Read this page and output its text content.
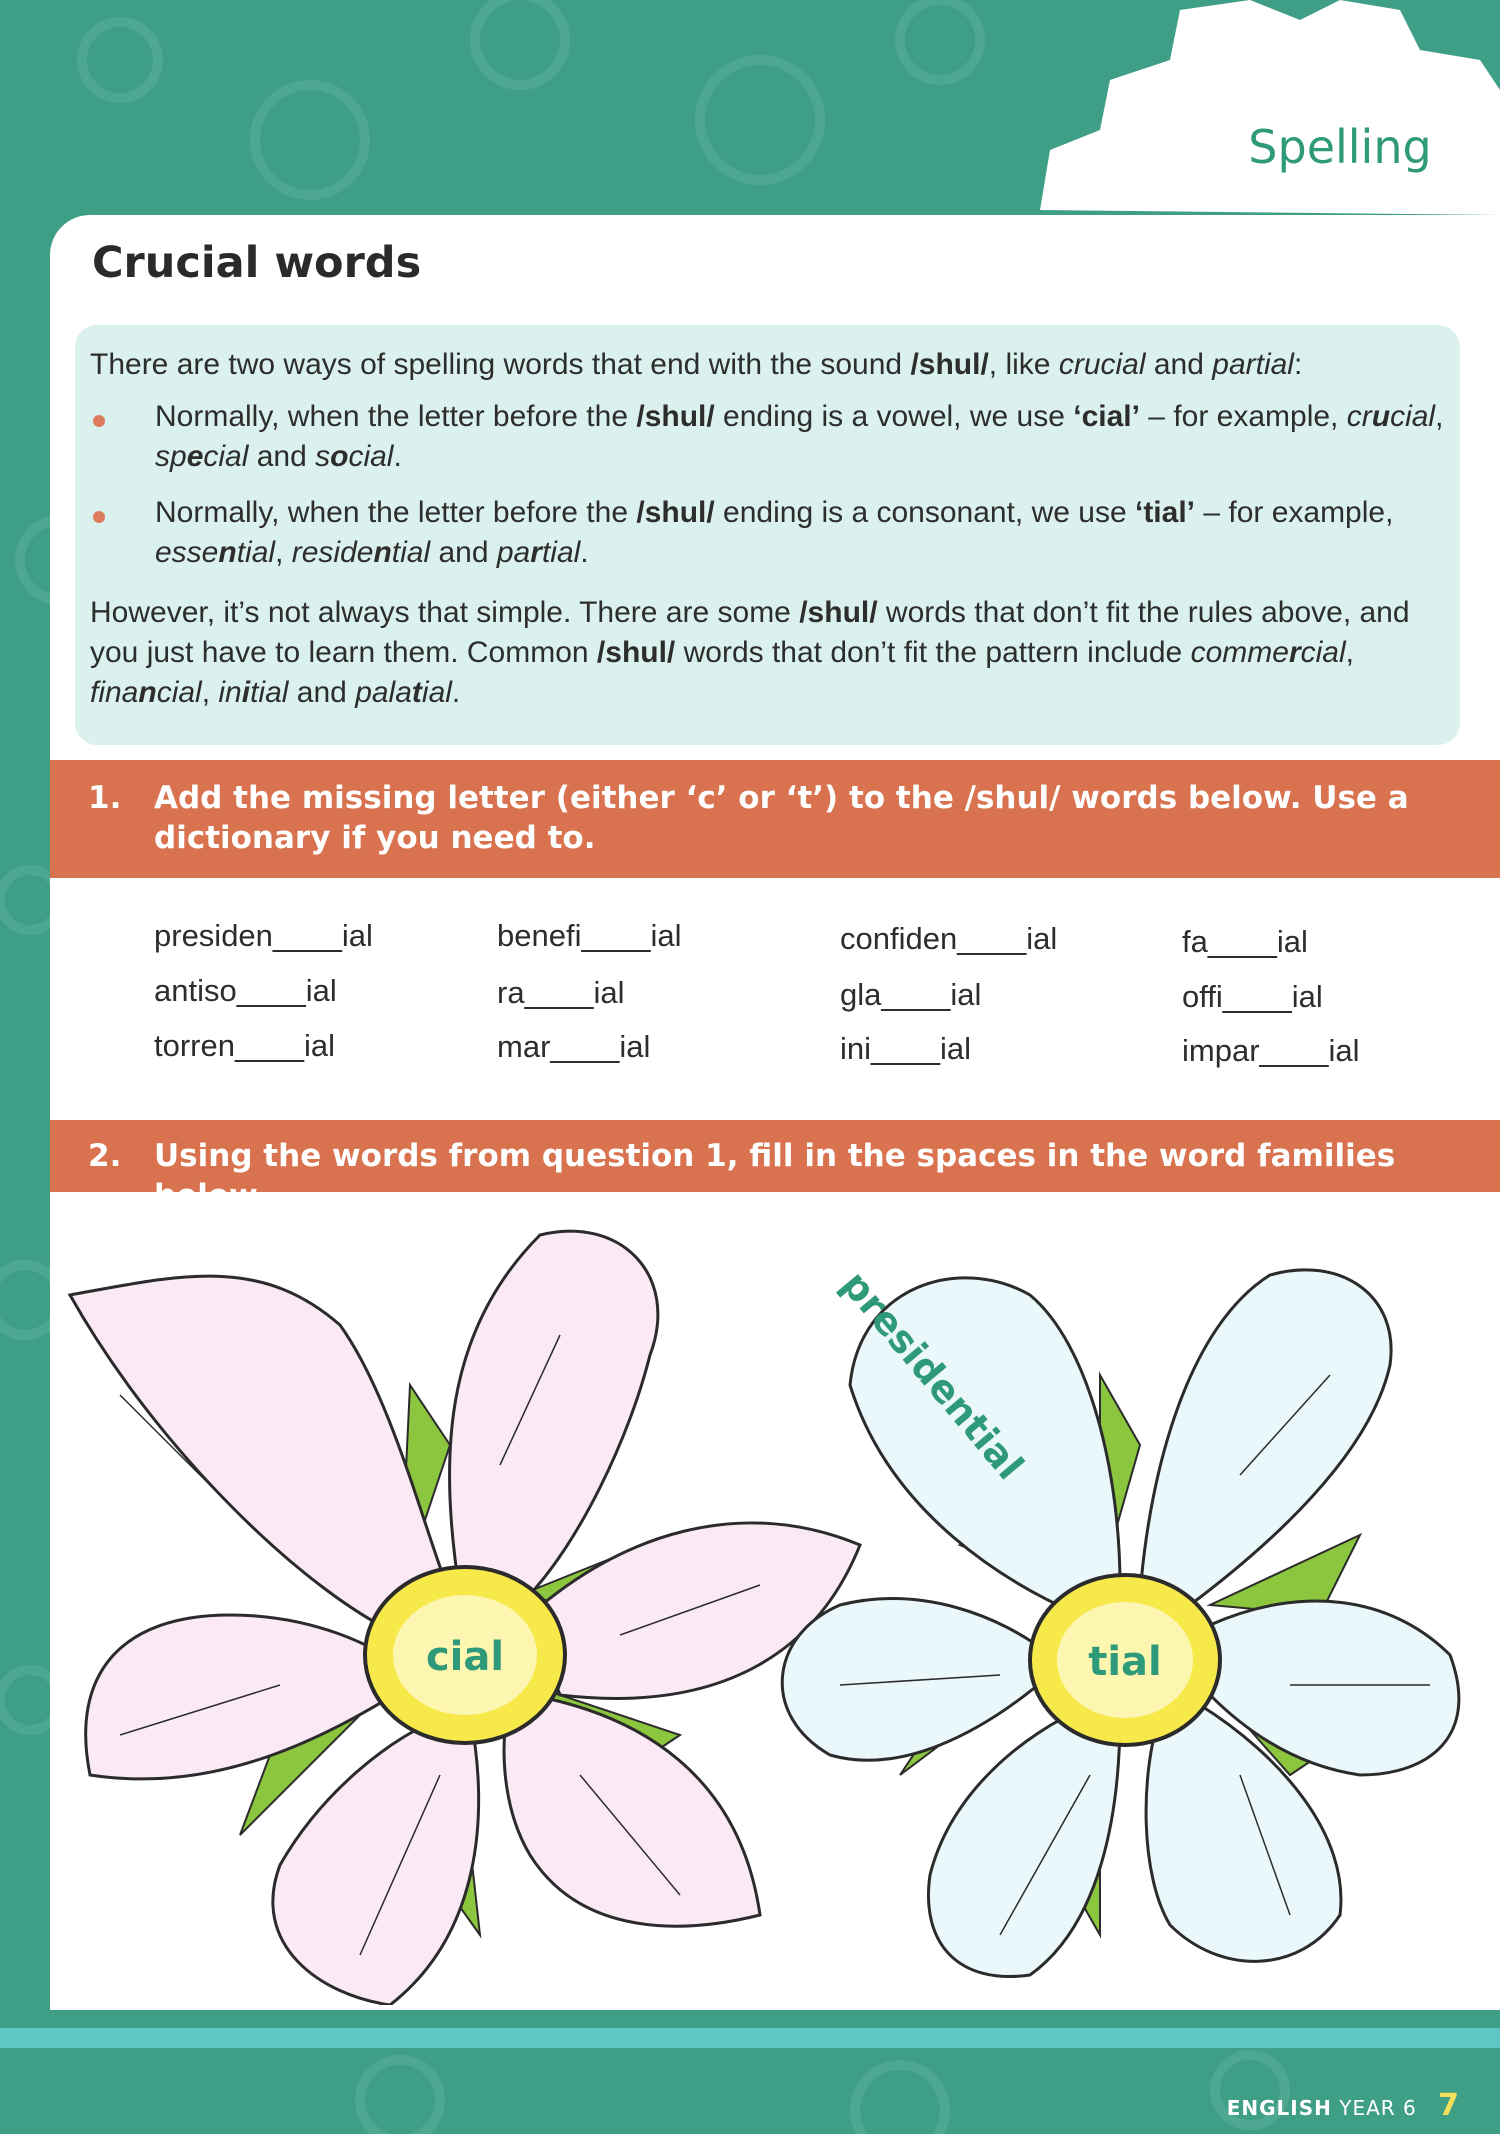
Spelling
Crucial words

There are two ways of spelling words that end with the sound /shul/, like crucial and partial:

Normally, when the letter before the /shul/ ending is a vowel, we use ‘cial’ – for example, crucial, special and social.

Normally, when the letter before the /shul/ ending is a consonant, we use ‘tial’ – for example, essential, residential and partial.

However, it’s not always that simple. There are some /shul/ words that don’t fit the rules above, and you just have to learn them. Common /shul/ words that don’t fit the pattern include commercial, financial, initial and palatial.

1. Add the missing letter (either ‘c’ or ‘t’) to the /shul/ words below. Use a dictionary if you need to.
presiden____ial	benefi____ial	confiden____ial	fa____ial
antiso____ial	ra____ial	gla____ial	offi____ial
torren____ial	mar____ial	ini____ial	impar____ial
2. Using the words from question 1, fill in the spaces in the word families below.
cial	tial
presidential
ENGLISH YEAR 6 7
